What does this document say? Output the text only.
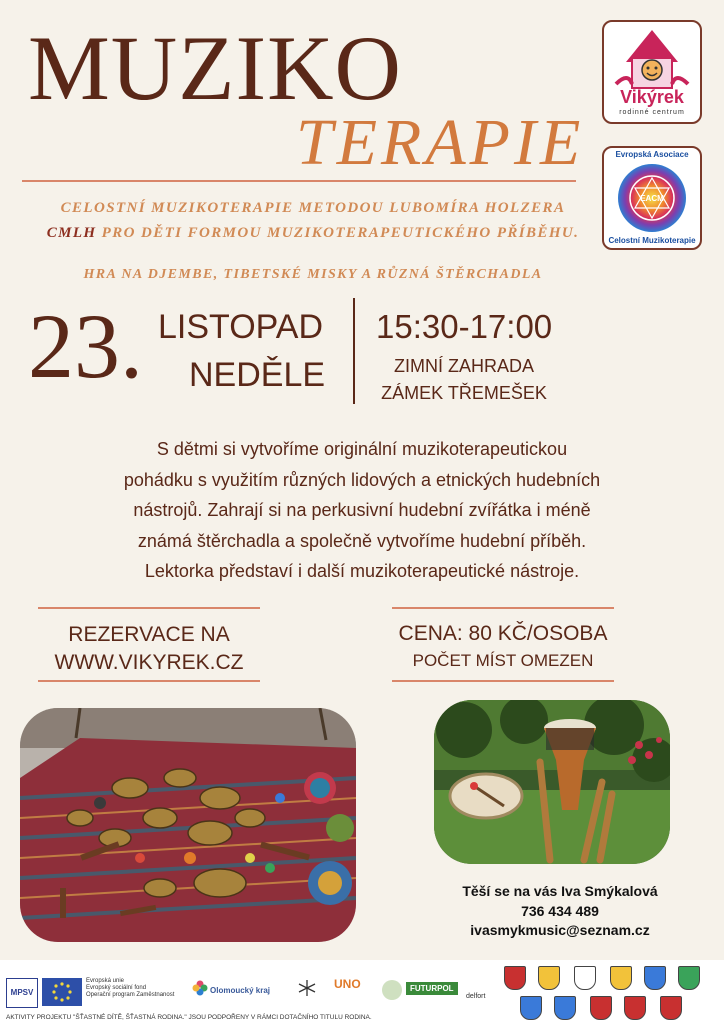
MUZIKO
TERAPIE
Vikýrek
rodinné centrum
EACM
Evropská Asociace
Celostní Muzikoterapie
CELOSTNÍ MUZIKOTERAPIE METODOU LUBOMÍRA HOLZERA
CMLH PRO DĚTI FORMOU MUZIKOTERAPEUTICKÉHO PŘÍBĚHU.
HRA NA DJEMBE, TIBETSKÉ MISKY A RŮZNÁ ŠTĚRCHADLA
23. LISTOPAD
NEDĚLE
15:30-17:00
ZIMNÍ ZAHRADA
ZÁMEK TŘEMEŠEK
S dětmi si vytvoříme originální muzikoterapeutickou
pohádku s využitím různých lidových a etnických hudebních
nástrojů. Zahrají si na perkusivní hudební zvířátka i méně
známá štěrchadla a společně vytvoříme hudební příběh.
Lektorka představí i další muzikoterapeutické nástroje.
REZERVACE NA
WWW.VIKYREK.CZ
CENA: 80 KČ/OSOBA
POČET MÍST OMEZEN
Těší se na vás Iva Smýkalová
736 434 489
ivasmykmusic@seznam.cz
MPSV
Evropská unie
Evropský sociální fond
Operační program Zaměstnanost	Olomoucký kraj	UNO	FUTURPOL
delfort
AKTIVITY PROJEKTU "ŠŤASTNÉ DÍTĚ, ŠŤASTNÁ RODINA." JSOU PODPOŘENY V RÁMCI DOTAČNÍHO TITULU RODINA.
